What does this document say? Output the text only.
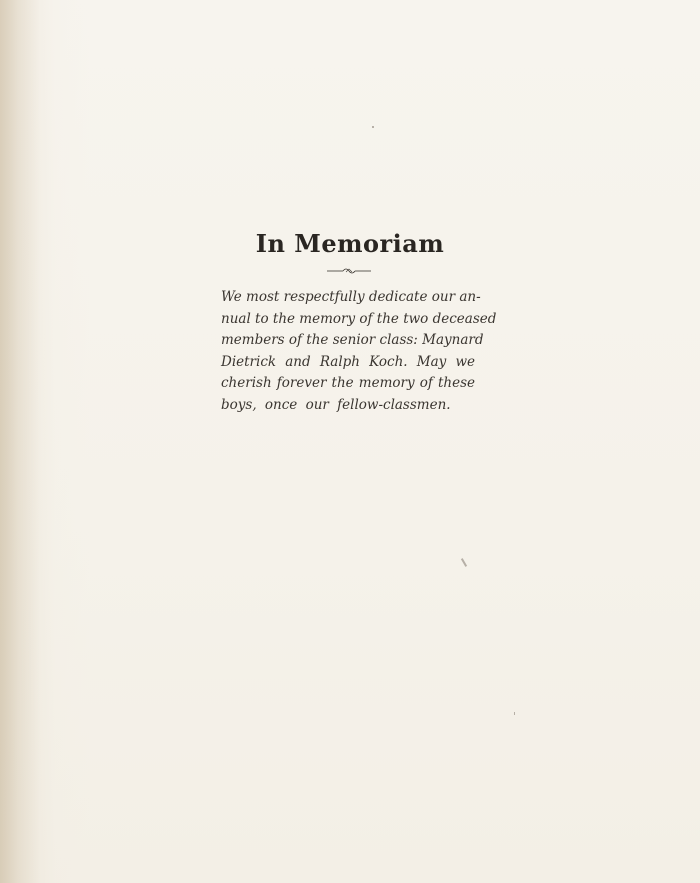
In Memoriam
We most respectfully dedicate our an-
nual to the memory of the two deceased
members of the senior class: Maynard
Dietrick and Ralph Koch. May we
cherish forever the memory of these
boys, once our fellow-classmen.
